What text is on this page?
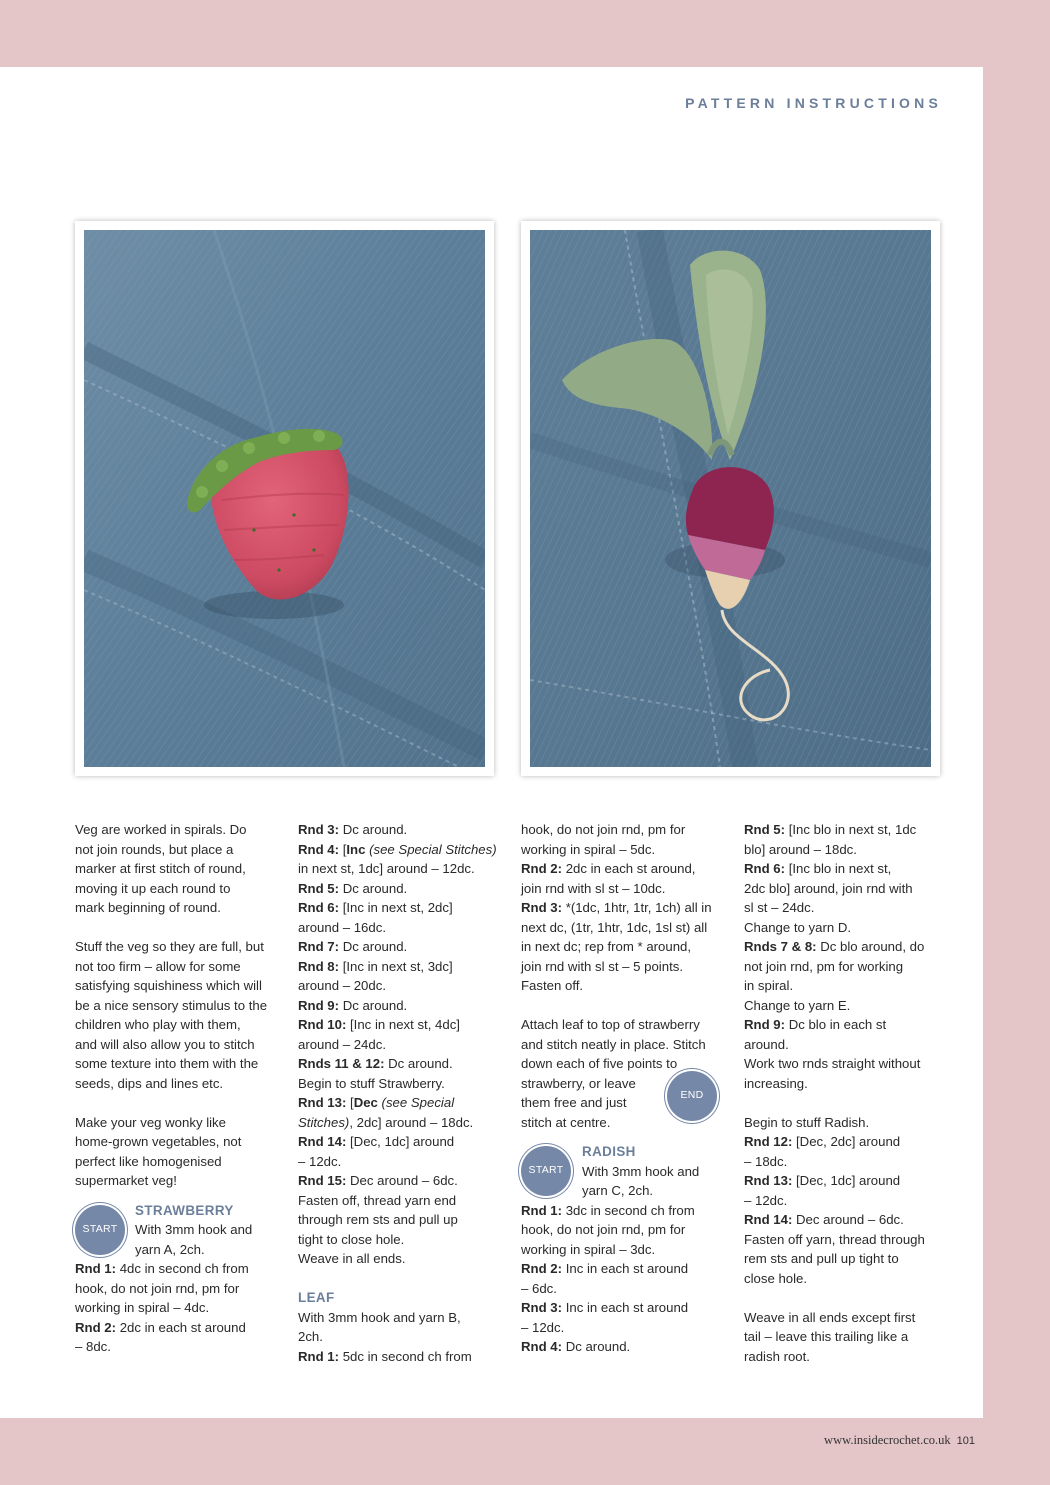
PATTERN INSTRUCTIONS

Veg are worked in spirals. Do
not join rounds, but place a
marker at first stitch of round,
moving it up each round to
mark beginning of round.

Stuff the veg so they are full, but
not too firm – allow for some
satisfying squishiness which will
be a nice sensory stimulus to the
children who play with them,
and will also allow you to stitch
some texture into them with the
seeds, dips and lines etc.

Make your veg wonky like
home-grown vegetables, not
perfect like homogenised
supermarket veg!

START
STRAWBERRY
With 3mm hook and
yarn A, 2ch.
Rnd 1: 4dc in second ch from
hook, do not join rnd, pm for
working in spiral – 4dc.
Rnd 2: 2dc in each st around
– 8dc.
Rnd 3: Dc around.
Rnd 4: [Inc (see Special Stitches)
in next st, 1dc] around – 12dc.
Rnd 5: Dc around.
Rnd 6: [Inc in next st, 2dc]
around – 16dc.
Rnd 7: Dc around.
Rnd 8: [Inc in next st, 3dc]
around – 20dc.
Rnd 9: Dc around.
Rnd 10: [Inc in next st, 4dc]
around – 24dc.
Rnds 11 & 12: Dc around.
Begin to stuff Strawberry.
Rnd 13: [Dec (see Special
Stitches), 2dc] around – 18dc.
Rnd 14: [Dec, 1dc] around
– 12dc.
Rnd 15: Dec around – 6dc.
Fasten off, thread yarn end
through rem sts and pull up
tight to close hole.
Weave in all ends.
LEAF
With 3mm hook and yarn B,
2ch.
Rnd 1: 5dc in second ch from
hook, do not join rnd, pm for
working in spiral – 5dc.
Rnd 2: 2dc in each st around,
join rnd with sl st – 10dc.
Rnd 3: *(1dc, 1htr, 1tr, 1ch) all in
next dc, (1tr, 1htr, 1dc, 1sl st) all
in next dc; rep from * around,
join rnd with sl st – 5 points.
Fasten off.
Attach leaf to top of strawberry
and stitch neatly in place. Stitch
down each of five points to
strawberry, or leave
them free and just
stitch at centre.
END
START
RADISH
With 3mm hook and
yarn C, 2ch.
Rnd 1: 3dc in second ch from
hook, do not join rnd, pm for
working in spiral – 3dc.
Rnd 2: Inc in each st around
– 6dc.
Rnd 3: Inc in each st around
– 12dc.
Rnd 4: Dc around.
Rnd 5: [Inc blo in next st, 1dc
blo] around – 18dc.
Rnd 6: [Inc blo in next st,
2dc blo] around, join rnd with
sl st – 24dc.
Change to yarn D.
Rnds 7 & 8: Dc blo around, do
not join rnd, pm for working
in spiral.
Change to yarn E.
Rnd 9: Dc blo in each st
around.
Work two rnds straight without
increasing.
Begin to stuff Radish.
Rnd 12: [Dec, 2dc] around
– 18dc.
Rnd 13: [Dec, 1dc] around
– 12dc.
Rnd 14: Dec around – 6dc.
Fasten off yarn, thread through
rem sts and pull up tight to
close hole.
Weave in all ends except first
tail – leave this trailing like a
radish root.
www.insidecrochet.co.uk 101
